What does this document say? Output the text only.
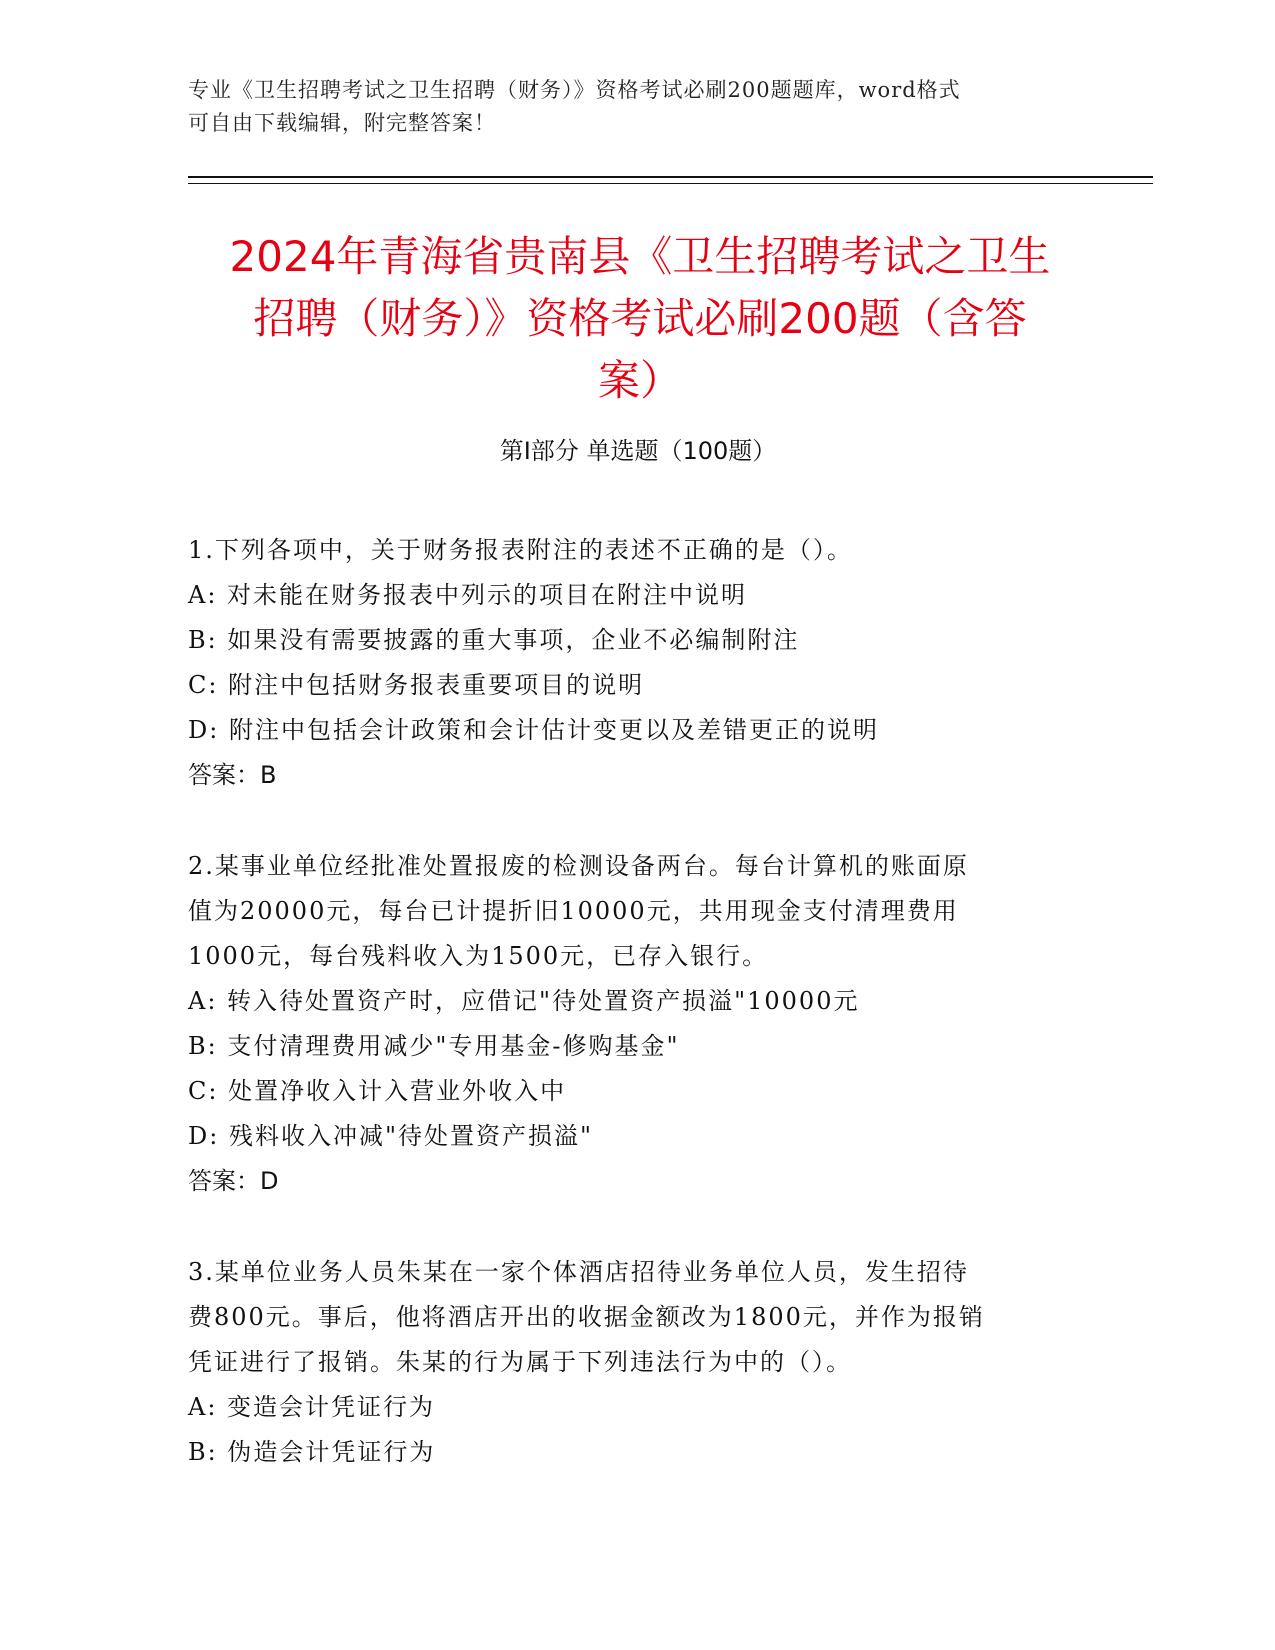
专业《卫生招聘考试之卫生招聘（财务）》资格考试必刷200题题库，word格式
可自由下载编辑，附完整答案！
2024年青海省贵南县《卫生招聘考试之卫生
招聘（财务）》资格考试必刷200题（含答
案）
第Ⅰ部分 单选题（100题）
1.下列各项中，关于财务报表附注的表述不正确的是（）。
A: 对未能在财务报表中列示的项目在附注中说明
B: 如果没有需要披露的重大事项，企业不必编制附注
C: 附注中包括财务报表重要项目的说明
D: 附注中包括会计政策和会计估计变更以及差错更正的说明
答案：B
2.某事业单位经批准处置报废的检测设备两台。每台计算机的账面原
值为20000元，每台已计提折旧10000元，共用现金支付清理费用
1000元，每台残料收入为1500元，已存入银行。
A: 转入待处置资产时，应借记"待处置资产损溢"10000元
B: 支付清理费用减少"专用基金-修购基金"
C: 处置净收入计入营业外收入中
D: 残料收入冲减"待处置资产损溢"
答案：D
3.某单位业务人员朱某在一家个体酒店招待业务单位人员，发生招待
费800元。事后，他将酒店开出的收据金额改为1800元，并作为报销
凭证进行了报销。朱某的行为属于下列违法行为中的（）。
A: 变造会计凭证行为
B: 伪造会计凭证行为
